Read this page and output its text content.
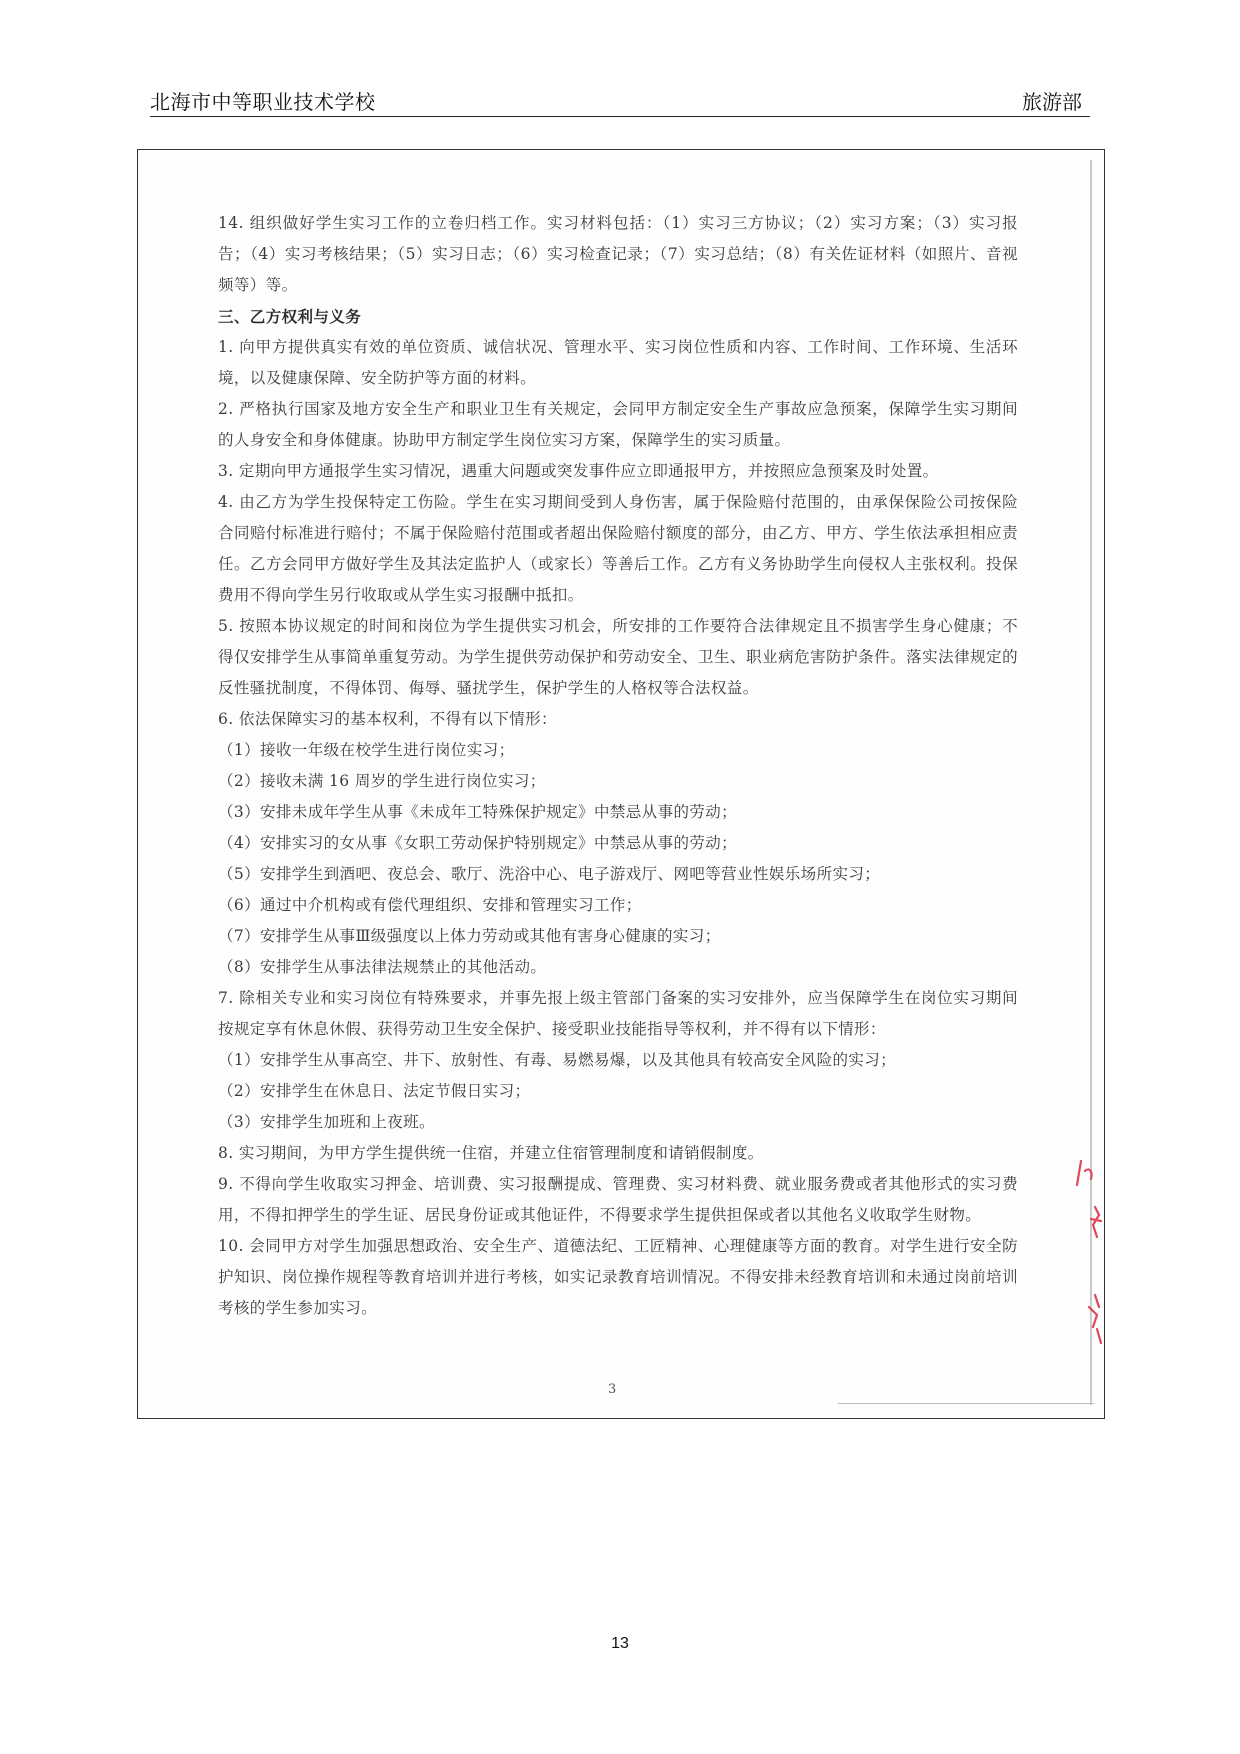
北海市中等职业技术学校	旅游部

14. 组织做好学生实习工作的立卷归档工作。实习材料包括：（1）实习三方协议；（2）实习方案；（3）实习报告；（4）实习考核结果；（5）实习日志；（6）实习检查记录；（7）实习总结；（8）有关佐证材料（如照片、音视频等）等。

三、乙方权利与义务

1. 向甲方提供真实有效的单位资质、诚信状况、管理水平、实习岗位性质和内容、工作时间、工作环境、生活环境，以及健康保障、安全防护等方面的材料。

2. 严格执行国家及地方安全生产和职业卫生有关规定，会同甲方制定安全生产事故应急预案，保障学生实习期间的人身安全和身体健康。协助甲方制定学生岗位实习方案，保障学生的实习质量。

3. 定期向甲方通报学生实习情况，遇重大问题或突发事件应立即通报甲方，并按照应急预案及时处置。

4. 由乙方为学生投保特定工伤险。学生在实习期间受到人身伤害，属于保险赔付范围的，由承保保险公司按保险合同赔付标准进行赔付；不属于保险赔付范围或者超出保险赔付额度的部分，由乙方、甲方、学生依法承担相应责任。乙方会同甲方做好学生及其法定监护人（或家长）等善后工作。乙方有义务协助学生向侵权人主张权利。投保费用不得向学生另行收取或从学生实习报酬中抵扣。

5. 按照本协议规定的时间和岗位为学生提供实习机会，所安排的工作要符合法律规定且不损害学生身心健康；不得仅安排学生从事简单重复劳动。为学生提供劳动保护和劳动安全、卫生、职业病危害防护条件。落实法律规定的反性骚扰制度，不得体罚、侮辱、骚扰学生，保护学生的人格权等合法权益。

6. 依法保障实习的基本权利，不得有以下情形：

（1）接收一年级在校学生进行岗位实习；

（2）接收未满 16 周岁的学生进行岗位实习；

（3）安排未成年学生从事《未成年工特殊保护规定》中禁忌从事的劳动；

（4）安排实习的女从事《女职工劳动保护特别规定》中禁忌从事的劳动；

（5）安排学生到酒吧、夜总会、歌厅、洗浴中心、电子游戏厅、网吧等营业性娱乐场所实习；

（6）通过中介机构或有偿代理组织、安排和管理实习工作；

（7）安排学生从事Ⅲ级强度以上体力劳动或其他有害身心健康的实习；

（8）安排学生从事法律法规禁止的其他活动。

7. 除相关专业和实习岗位有特殊要求，并事先报上级主管部门备案的实习安排外，应当保障学生在岗位实习期间按规定享有休息休假、获得劳动卫生安全保护、接受职业技能指导等权利，并不得有以下情形：

（1）安排学生从事高空、井下、放射性、有毒、易燃易爆，以及其他具有较高安全风险的实习；

（2）安排学生在休息日、法定节假日实习；

（3）安排学生加班和上夜班。

8. 实习期间，为甲方学生提供统一住宿，并建立住宿管理制度和请销假制度。

9. 不得向学生收取实习押金、培训费、实习报酬提成、管理费、实习材料费、就业服务费或者其他形式的实习费用，不得扣押学生的学生证、居民身份证或其他证件，不得要求学生提供担保或者以其他名义收取学生财物。

10. 会同甲方对学生加强思想政治、安全生产、道德法纪、工匠精神、心理健康等方面的教育。对学生进行安全防护知识、岗位操作规程等教育培训并进行考核，如实记录教育培训情况。不得安排未经教育培训和未通过岗前培训考核的学生参加实习。

3
13
